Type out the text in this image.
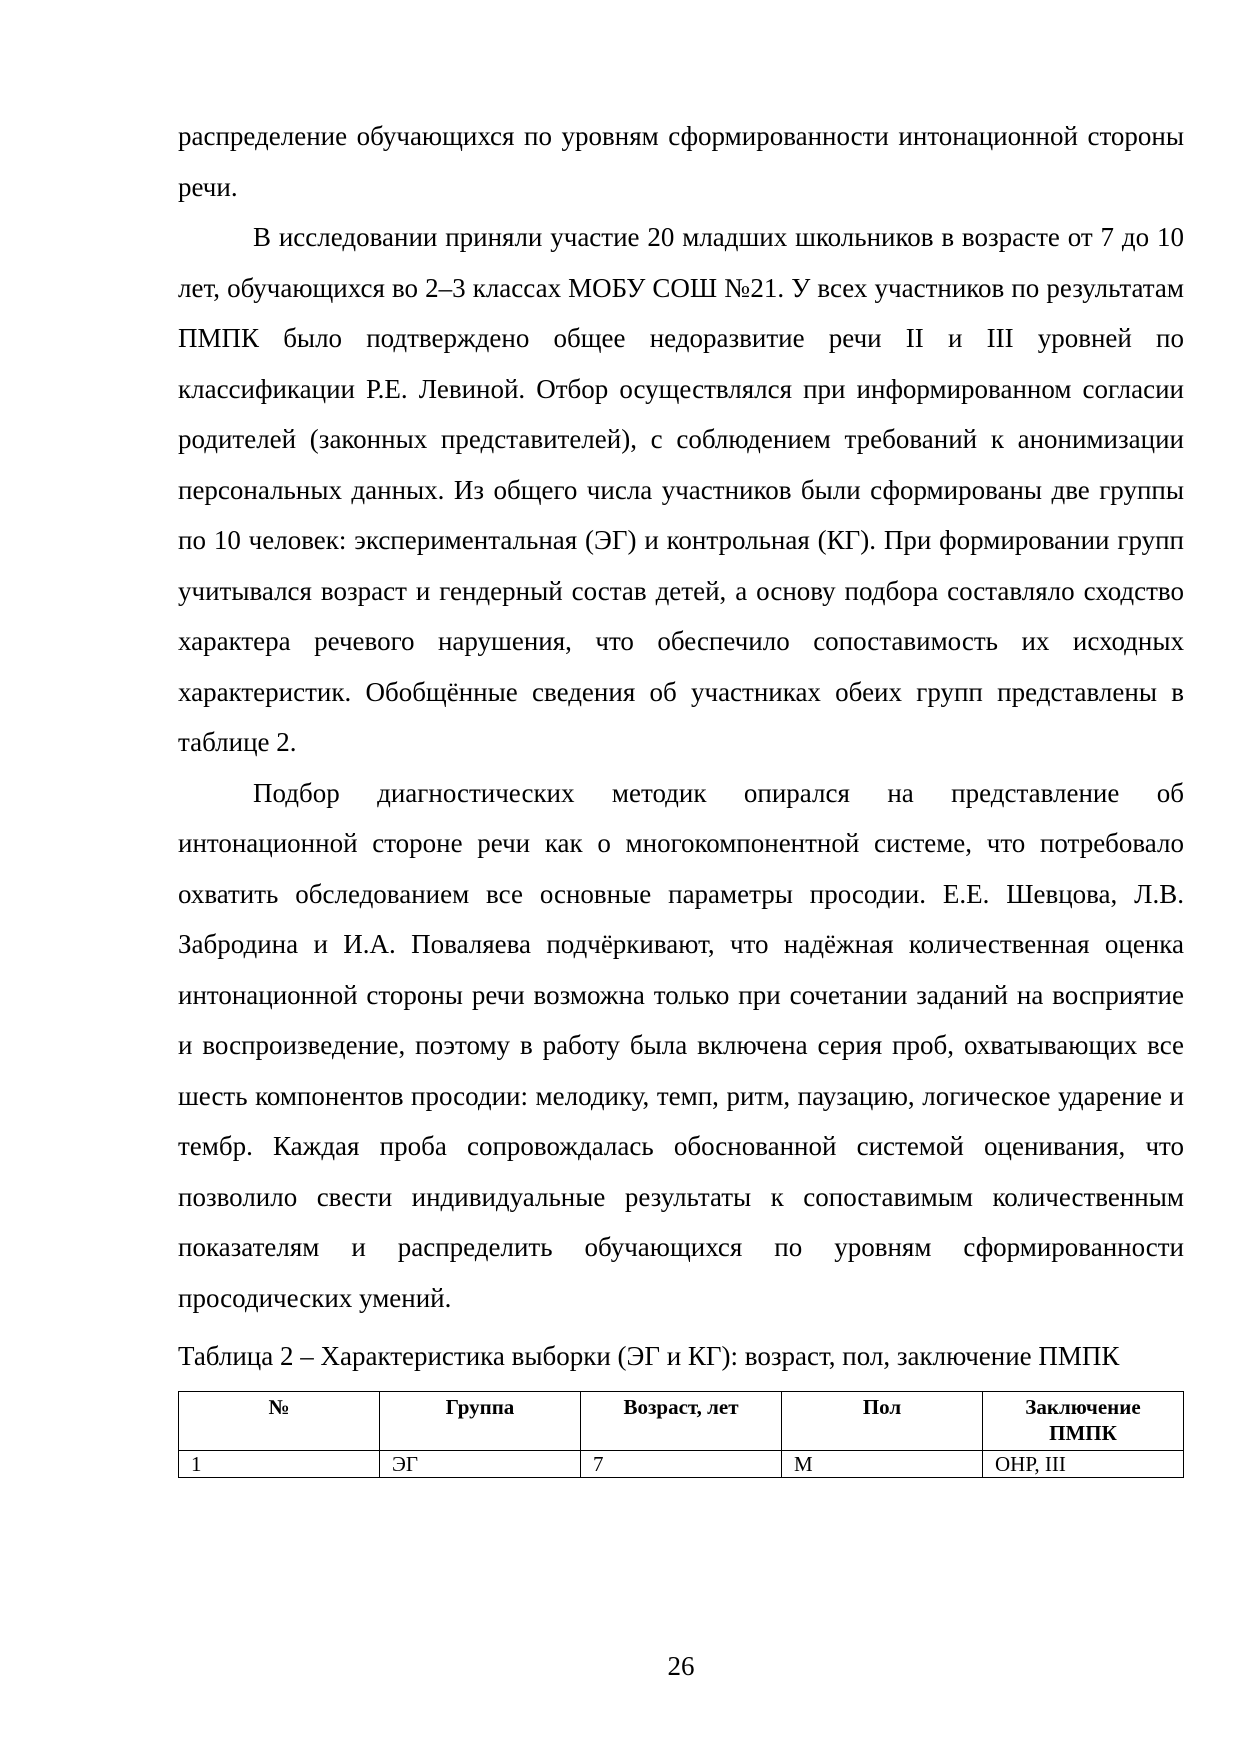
распределение обучающихся по уровням сформированности интонационной стороны речи.

В исследовании приняли участие 20 младших школьников в возрасте от 7 до 10 лет, обучающихся во 2–3 классах МОБУ СОШ №21. У всех участников по результатам ПМПК было подтверждено общее недоразвитие речи II и III уровней по классификации Р.Е. Левиной. Отбор осуществлялся при информированном согласии родителей (законных представителей), с соблюдением требований к анонимизации персональных данных. Из общего числа участников были сформированы две группы по 10 человек: экспериментальная (ЭГ) и контрольная (КГ). При формировании групп учитывался возраст и гендерный состав детей, а основу подбора составляло сходство характера речевого нарушения, что обеспечило сопоставимость их исходных характеристик. Обобщённые сведения об участниках обеих групп представлены в таблице 2.

Подбор диагностических методик опирался на представление об интонационной стороне речи как о многокомпонентной системе, что потребовало охватить обследованием все основные параметры просодии. Е.Е. Шевцова, Л.В. Забродина и И.А. Поваляева подчёркивают, что надёжная количественная оценка интонационной стороны речи возможна только при сочетании заданий на восприятие и воспроизведение, поэтому в работу была включена серия проб, охватывающих все шесть компонентов просодии: мелодику, темп, ритм, паузацию, логическое ударение и тембр. Каждая проба сопровождалась обоснованной системой оценивания, что позволило свести индивидуальные результаты к сопоставимым количественным показателям и распределить обучающихся по уровням сформированности просодических умений.

Таблица 2 – Характеристика выборки (ЭГ и КГ): возраст, пол, заключение ПМПК

№	Группа	Возраст, лет	Пол	Заключение ПМПК
1	ЭГ	7	М	ОНР, III
26
